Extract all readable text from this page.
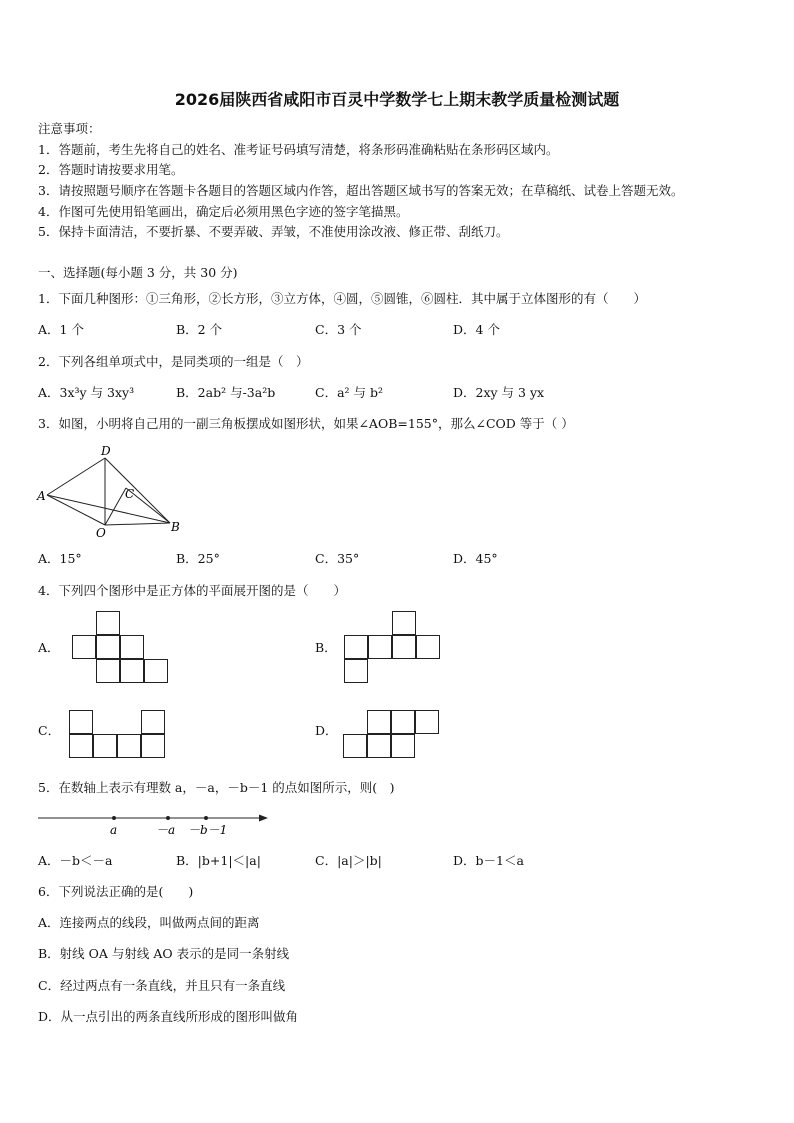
2026届陕西省咸阳市百灵中学数学七上期末教学质量检测试题
注意事项：
1．答题前，考生先将自己的姓名、准考证号码填写清楚，将条形码准确粘贴在条形码区域内。
2．答题时请按要求用笔。
3．请按照题号顺序在答题卡各题目的答题区域内作答，超出答题区域书写的答案无效；在草稿纸、试卷上答题无效。
4．作图可先使用铅笔画出，确定后必须用黑色字迹的签字笔描黑。
5．保持卡面清洁，不要折暴、不要弄破、弄皱，不准使用涂改液、修正带、刮纸刀。
一、选择题(每小题 3 分，共 30 分)
1．下面几种图形：①三角形，②长方形，③立方体，④圆，⑤圆锥，⑥圆柱．其中属于立体图形的有（　　）
A．1 个	B．2 个	C．3 个	D．4 个
2．下列各组单项式中，是同类项的一组是（　）
A．3x³y 与 3xy³	B．2ab² 与-3a²b	C．a² 与 b²	D．2xy 与 3 yx
3．如图，小明将自己用的一副三角板摆成如图形状，如果∠AOB=155°，那么∠COD 等于（ ）
D
A	C
B
O
A．15°	B．25°	C．35°	D．45°
4．下列四个图形中是正方体的平面展开图的是（　　）
A．	B．
C．	D．
5．在数轴上表示有理数 a，－a，－b－1 的点如图所示，则(　)
a	－a －b－1
A．－b＜－a	B．|b+1|＜|a|	C．|a|＞|b|	D．b－1＜a
6．下列说法正确的是(　　)
A．连接两点的线段，叫做两点间的距离
B．射线 OA 与射线 AO 表示的是同一条射线
C．经过两点有一条直线，并且只有一条直线
D．从一点引出的两条直线所形成的图形叫做角
